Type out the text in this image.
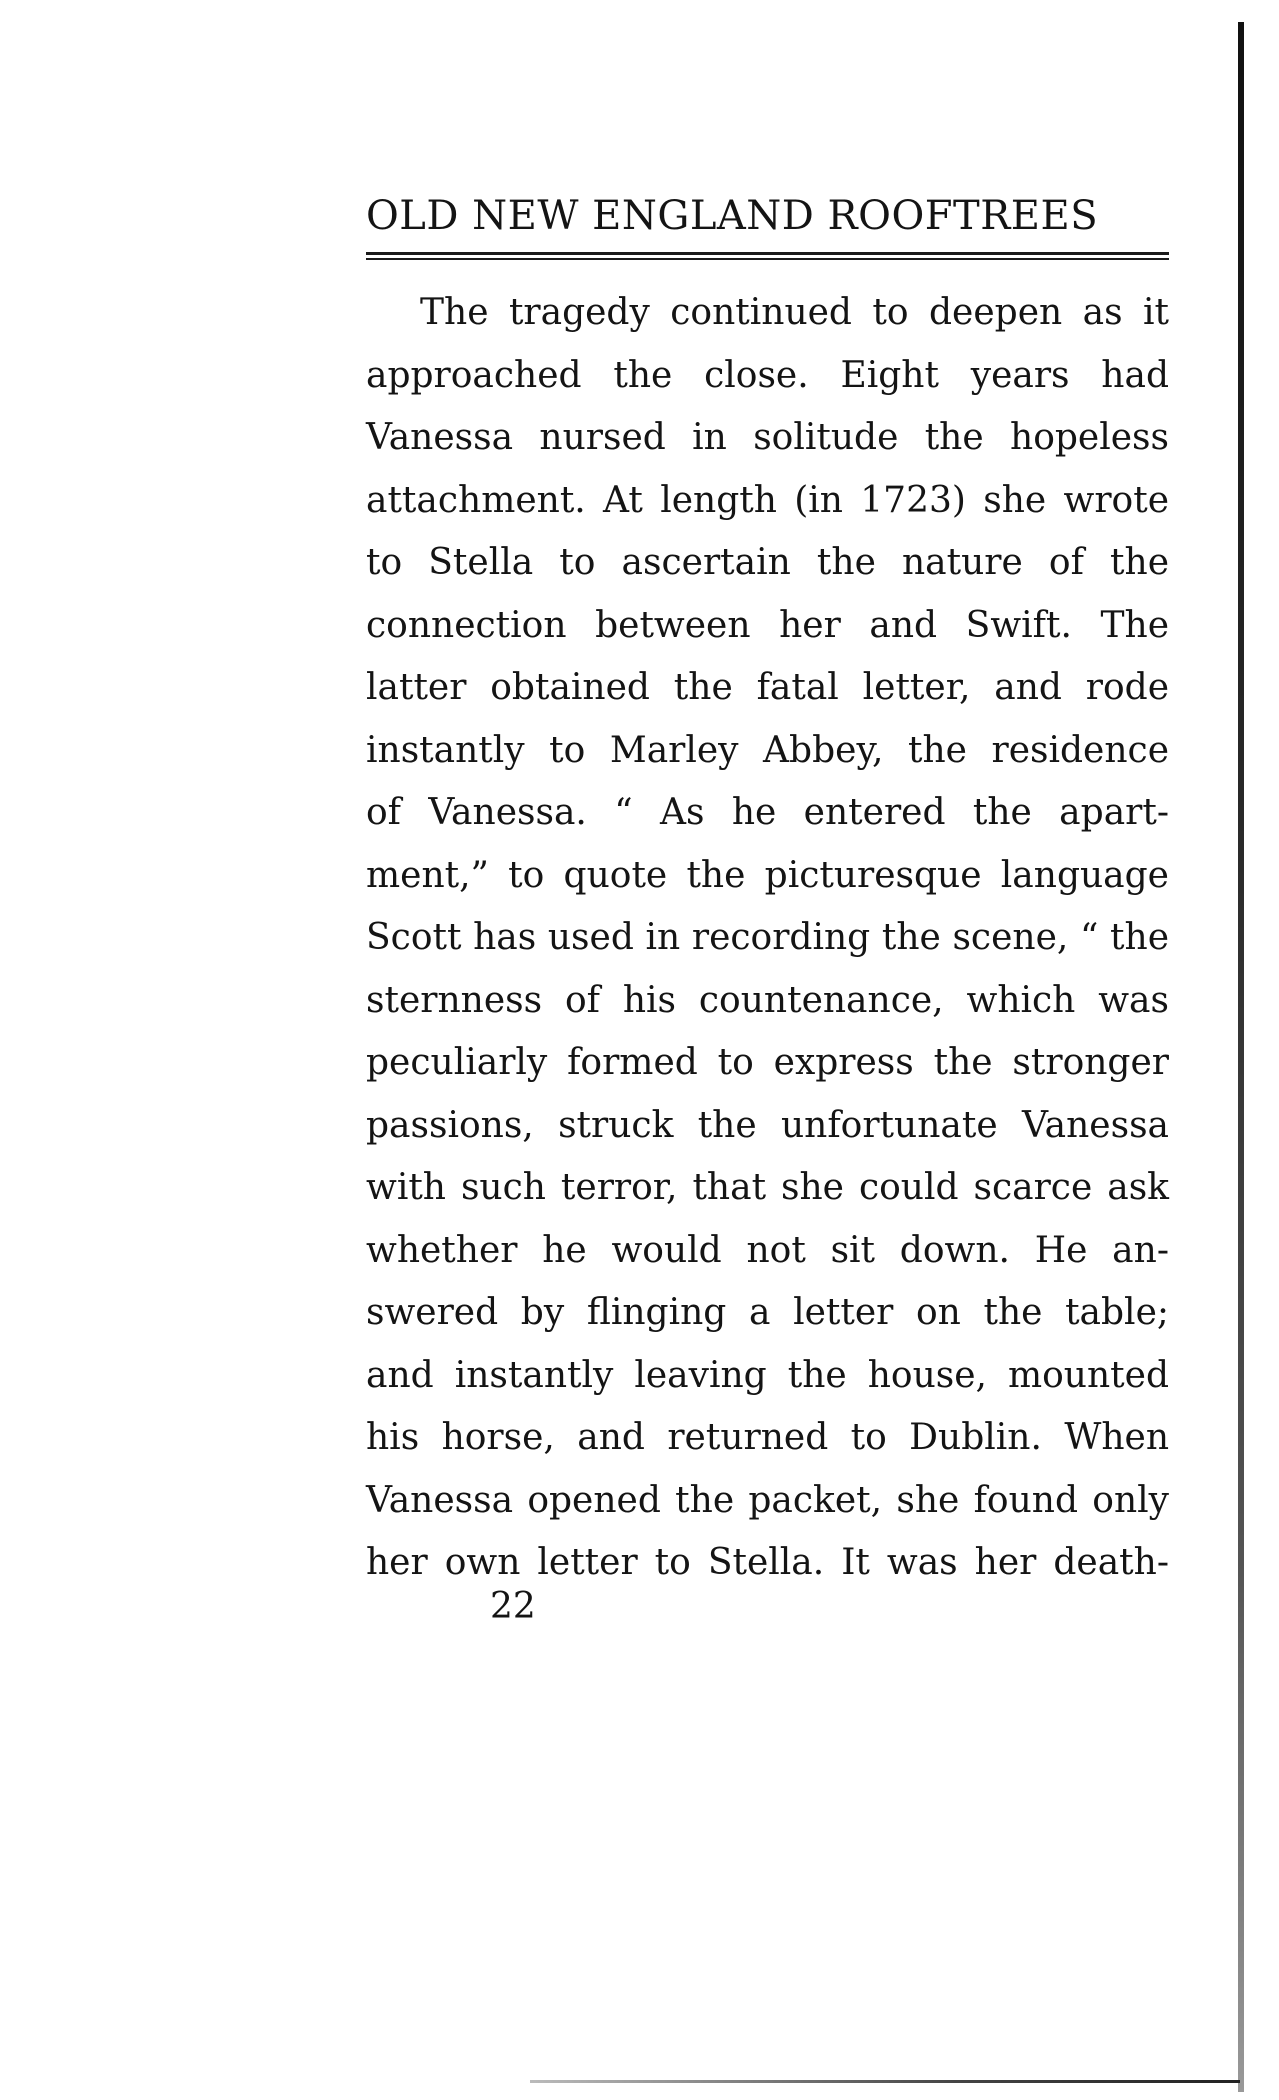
OLD NEW ENGLAND ROOFTREES
The tragedy continued to deepen as it
approached the close. Eight years had
Vanessa nursed in solitude the hopeless
attachment. At length (in 1723) she wrote
to Stella to ascertain the nature of the
connection between her and Swift. The
latter obtained the fatal letter, and rode
instantly to Marley Abbey, the residence
of Vanessa. “ As he entered the apart-
ment,” to quote the picturesque language
Scott has used in recording the scene, “ the
sternness of his countenance, which was
peculiarly formed to express the stronger
passions, struck the unfortunate Vanessa
with such terror, that she could scarce ask
whether he would not sit down. He an-
swered by flinging a letter on the table;
and instantly leaving the house, mounted
his horse, and returned to Dublin. When
Vanessa opened the packet, she found only
her own letter to Stella. It was her death-
22
